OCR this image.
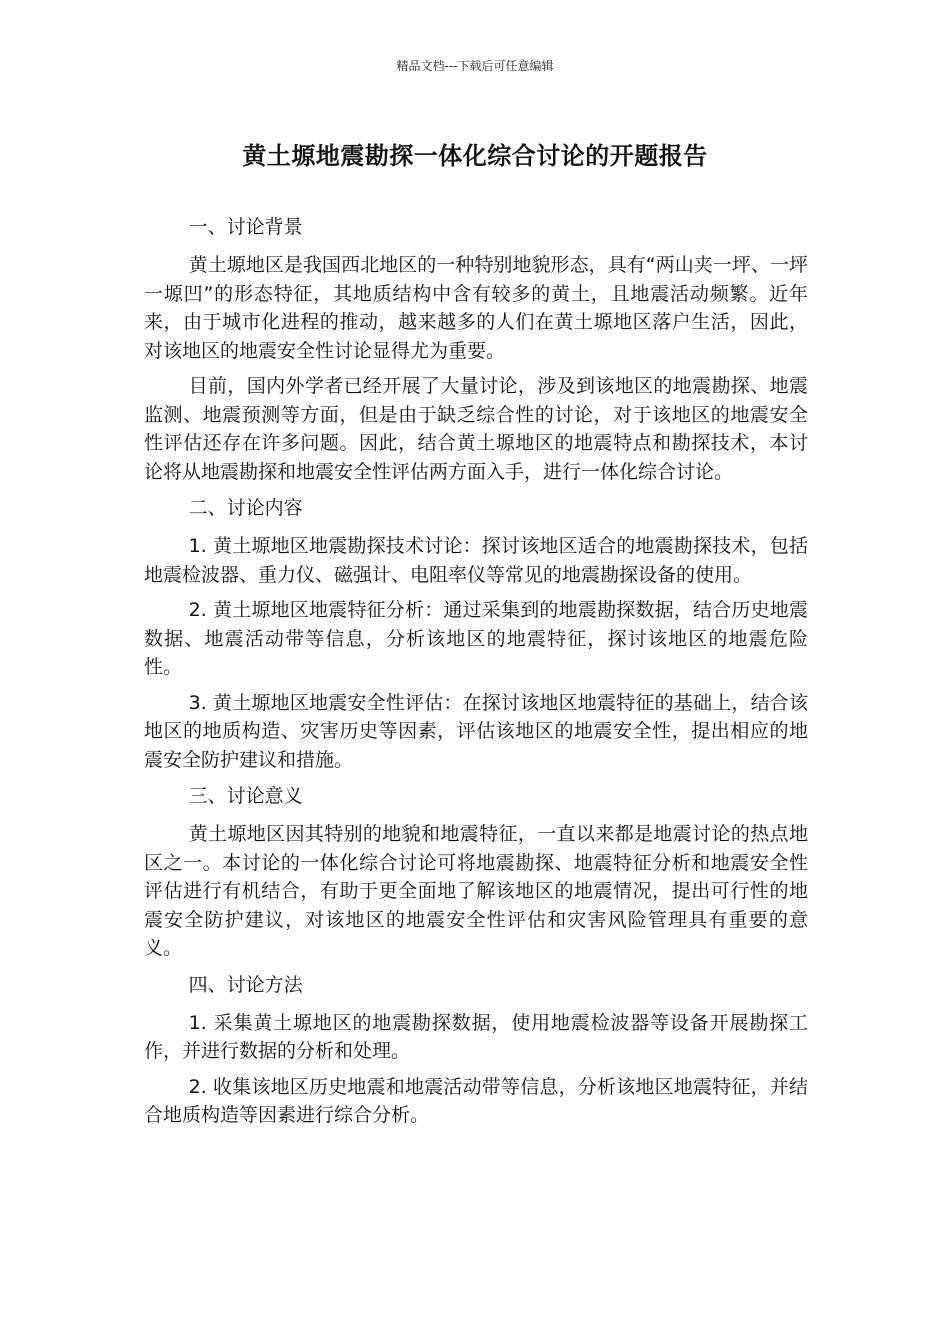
精品文档---下载后可任意编辑
黄土塬地震勘探一体化综合讨论的开题报告
一、讨论背景

黄土塬地区是我国西北地区的一种特别地貌形态，具有“两山夹一坪、一坪一塬凹”的形态特征，其地质结构中含有较多的黄土，且地震活动频繁。近年来，由于城市化进程的推动，越来越多的人们在黄土塬地区落户生活，因此，对该地区的地震安全性讨论显得尤为重要。

目前，国内外学者已经开展了大量讨论，涉及到该地区的地震勘探、地震监测、地震预测等方面，但是由于缺乏综合性的讨论，对于该地区的地震安全性评估还存在许多问题。因此，结合黄土塬地区的地震特点和勘探技术，本讨论将从地震勘探和地震安全性评估两方面入手，进行一体化综合讨论。

二、讨论内容

1. 黄土塬地区地震勘探技术讨论：探讨该地区适合的地震勘探技术，包括地震检波器、重力仪、磁强计、电阻率仪等常见的地震勘探设备的使用。

2. 黄土塬地区地震特征分析：通过采集到的地震勘探数据，结合历史地震数据、地震活动带等信息，分析该地区的地震特征，探讨该地区的地震危险性。

3. 黄土塬地区地震安全性评估：在探讨该地区地震特征的基础上，结合该地区的地质构造、灾害历史等因素，评估该地区的地震安全性，提出相应的地震安全防护建议和措施。

三、讨论意义

黄土塬地区因其特别的地貌和地震特征，一直以来都是地震讨论的热点地区之一。本讨论的一体化综合讨论可将地震勘探、地震特征分析和地震安全性评估进行有机结合，有助于更全面地了解该地区的地震情况，提出可行性的地震安全防护建议，对该地区的地震安全性评估和灾害风险管理具有重要的意义。

四、讨论方法

1. 采集黄土塬地区的地震勘探数据，使用地震检波器等设备开展勘探工作，并进行数据的分析和处理。

2. 收集该地区历史地震和地震活动带等信息，分析该地区地震特征，并结合地质构造等因素进行综合分析。
